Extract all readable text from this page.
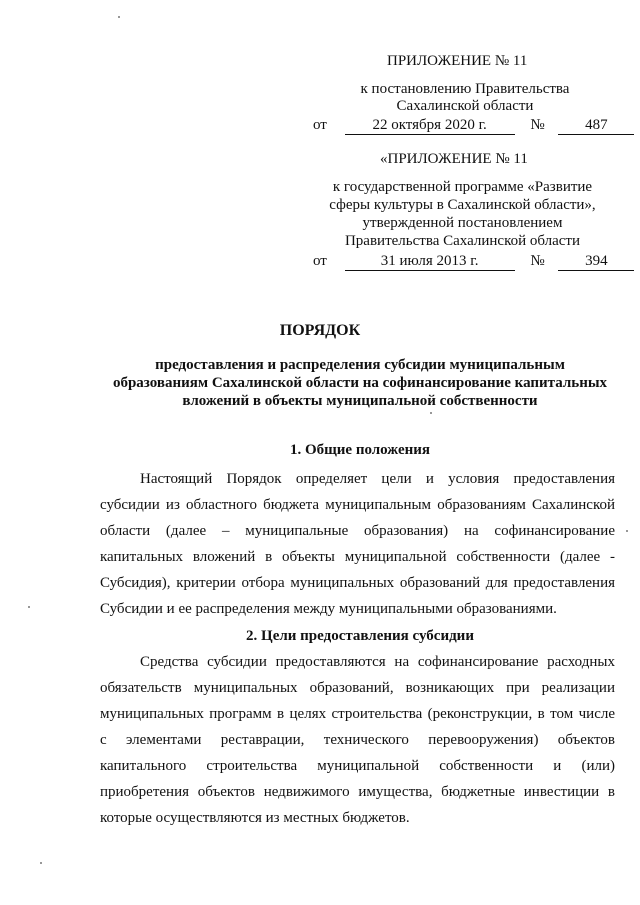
ПРИЛОЖЕНИЕ № 11
к постановлению Правительства
Сахалинской области
от	22 октября 2020 г.	№	487
«ПРИЛОЖЕНИЕ № 11
к государственной программе «Развитие
сферы культуры в Сахалинской области»,
утвержденной постановлением
Правительства Сахалинской области
от	31 июля 2013 г.	№	394
ПОРЯДОК
предоставления и распределения субсидии муниципальным
образованиям Сахалинской области на софинансирование капитальных
вложений в объекты муниципальной собственности
1. Общие положения
Настоящий Порядок определяет цели и условия предоставления
субсидии из областного бюджета муниципальным образованиям Сахалинской
области (далее – муниципальные образования) на софинансирование
капитальных вложений в объекты муниципальной собственности (далее -
Субсидия), критерии отбора муниципальных образований для предоставления
Субсидии и ее распределения между муниципальными образованиями.
2. Цели предоставления субсидии
Средства субсидии предоставляются на софинансирование расходных
обязательств муниципальных образований, возникающих при реализации
муниципальных программ в целях строительства (реконструкции, в том числе
с элементами реставрации, технического перевооружения) объектов
капитального строительства муниципальной собственности и (или)
приобретения объектов недвижимого имущества, бюджетные инвестиции в
которые осуществляются из местных бюджетов.
